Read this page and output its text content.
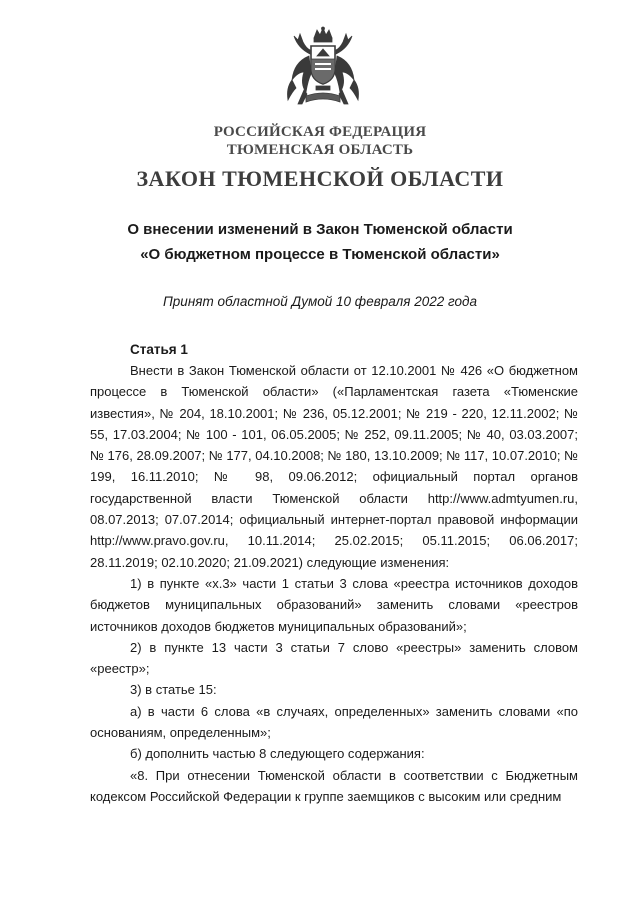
РОССИЙСКАЯ ФЕДЕРАЦИЯ
ТЮМЕНСКАЯ ОБЛАСТЬ
ЗАКОН ТЮМЕНСКОЙ ОБЛАСТИ
О внесении изменений в Закон Тюменской области
«О бюджетном процессе в Тюменской области»
Принят областной Думой 10 февраля 2022 года
Статья 1

Внести в Закон Тюменской области от 12.10.2001 № 426 «О бюджетном процессе в Тюменской области» («Парламентская газета «Тюменские известия», № 204, 18.10.2001; № 236, 05.12.2001; № 219 - 220, 12.11.2002; № 55, 17.03.2004; № 100 - 101, 06.05.2005; № 252, 09.11.2005; № 40, 03.03.2007; № 176, 28.09.2007; № 177, 04.10.2008; № 180, 13.10.2009; № 117, 10.07.2010; № 199, 16.11.2010; № 98, 09.06.2012; официальный портал органов государственной власти Тюменской области http://www.admtyumen.ru, 08.07.2013; 07.07.2014; официальный интернет-портал правовой информации http://www.pravo.gov.ru, 10.11.2014; 25.02.2015; 05.11.2015; 06.06.2017; 28.11.2019; 02.10.2020; 21.09.2021) следующие изменения:

1) в пункте «х.3» части 1 статьи 3 слова «реестра источников доходов бюджетов муниципальных образований» заменить словами «реестров источников доходов бюджетов муниципальных образований»;

2) в пункте 13 части 3 статьи 7 слово «реестры» заменить словом «реестр»;

3) в статье 15:

а) в части 6 слова «в случаях, определенных» заменить словами «по основаниям, определенным»;

б) дополнить частью 8 следующего содержания:

«8. При отнесении Тюменской области в соответствии с Бюджетным кодексом Российской Федерации к группе заемщиков с высоким или средним
